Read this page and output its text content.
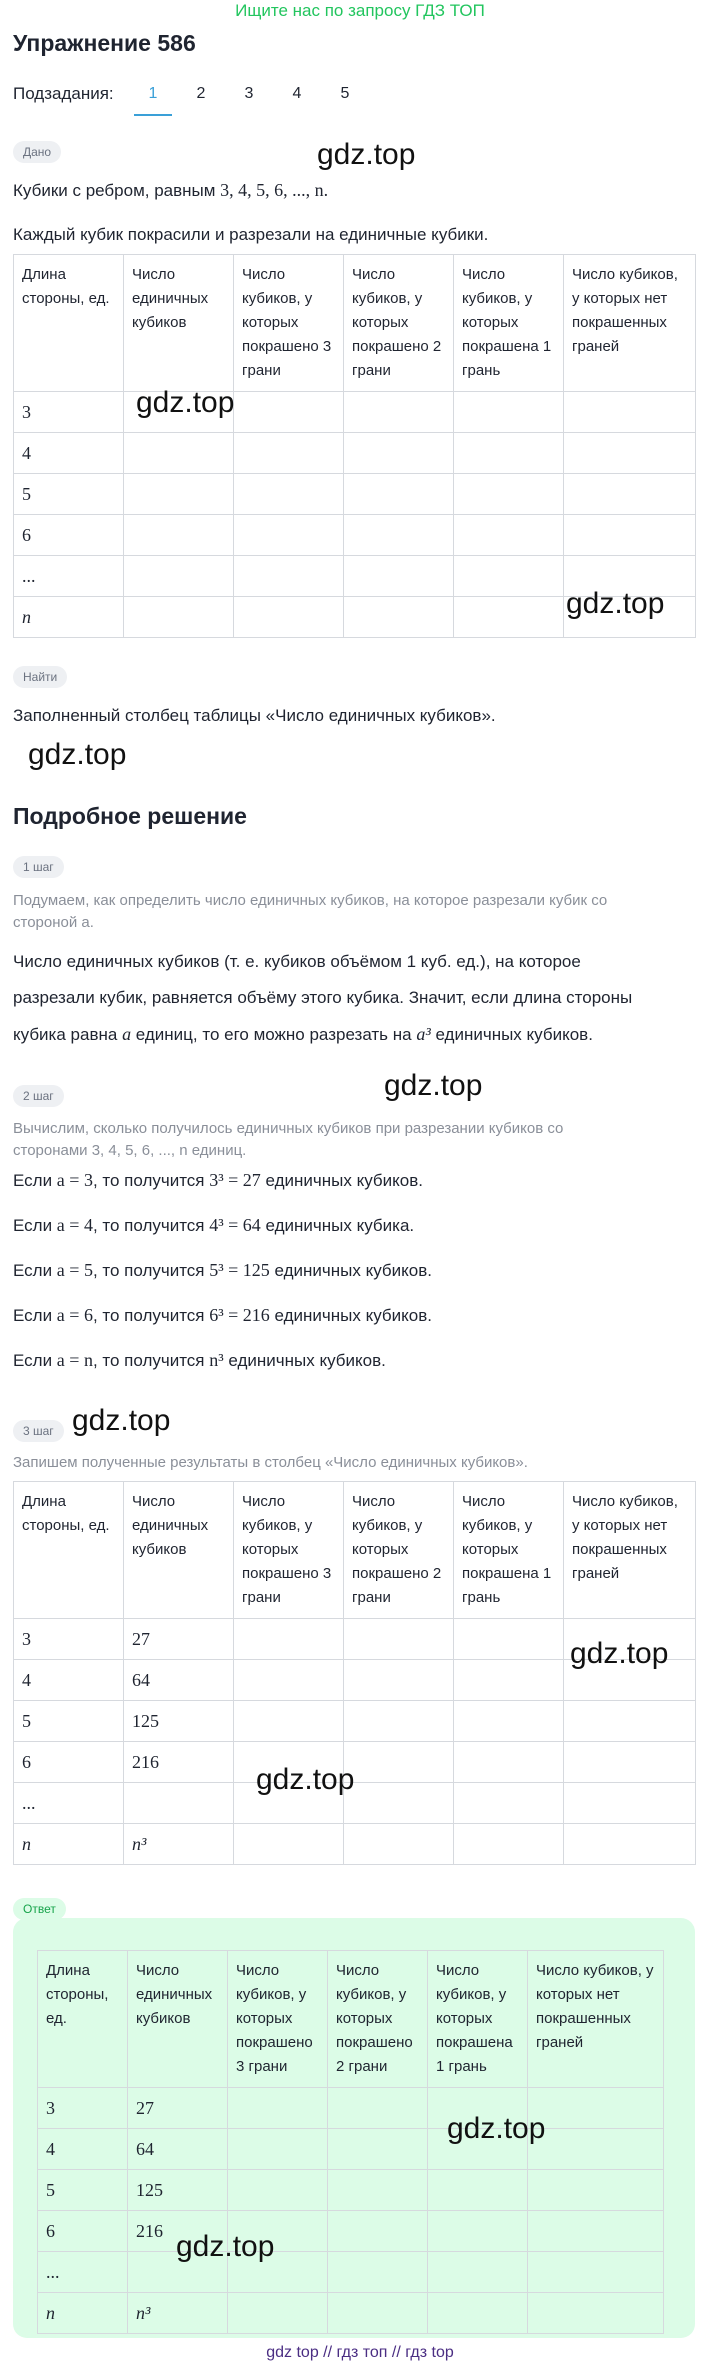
Ищите нас по запросу ГДЗ ТОП
Упражнение 586
Подзадания:	1	2	3	4	5
Дано	gdz.top
Кубики с ребром, равным 3, 4, 5, 6, ..., n.
Каждый кубик покрасили и разрезали на единичные кубики.
Длина стороны, ед.	Число единичных кубиков	Число кубиков, у которых покрашено 3 грани	Число кубиков, у которых покрашено 2 грани	Число кубиков, у которых покрашена 1 грань	Число кубиков, у которых нет покрашенных граней
3					
4					
5					
6					
...					
n					
gdz.top
gdz.top
Найти
Заполненный столбец таблицы «Число единичных кубиков».
gdz.top
Подробное решение
1 шаг
Подумаем, как определить число единичных кубиков, на которое разрезали кубик со стороной a.
Число единичных кубиков (т. е. кубиков объёмом 1 куб. ед.), на которое
разрезали кубик, равняется объёму этого кубика. Значит, если длина стороны
кубика равна a единиц, то его можно разрезать на a³ единичных кубиков.
gdz.top
2 шаг
Вычислим, сколько получилось единичных кубиков при разрезании кубиков со
сторонами 3, 4, 5, 6, ..., n единиц.
Если a = 3, то получится 3³ = 27 единичных кубиков.
Если a = 4, то получится 4³ = 64 единичных кубика.
Если a = 5, то получится 5³ = 125 единичных кубиков.
Если a = 6, то получится 6³ = 216 единичных кубиков.
Если a = n, то получится n³ единичных кубиков.
3 шаг gdz.top
Запишем полученные результаты в столбец «Число единичных кубиков».
Длина стороны, ед.	Число единичных кубиков	Число кубиков, у которых покрашено 3 грани	Число кубиков, у которых покрашено 2 грани	Число кубиков, у которых покрашена 1 грань	Число кубиков, у которых нет покрашенных граней
3	27				
4	64				
5	125				
6	216				
...					
n	n³				
gdz.top
gdz.top
Ответ
Длина стороны, ед.	Число единичных кубиков	Число кубиков, у которых покрашено 3 грани	Число кубиков, у которых покрашено 2 грани	Число кубиков, у которых покрашена 1 грань	Число кубиков, у которых нет покрашенных граней
3	27				
4	64				
5	125				
6	216				
...					
n	n³				
gdz.top
gdz.top
gdz top // гдз топ // гдз top
